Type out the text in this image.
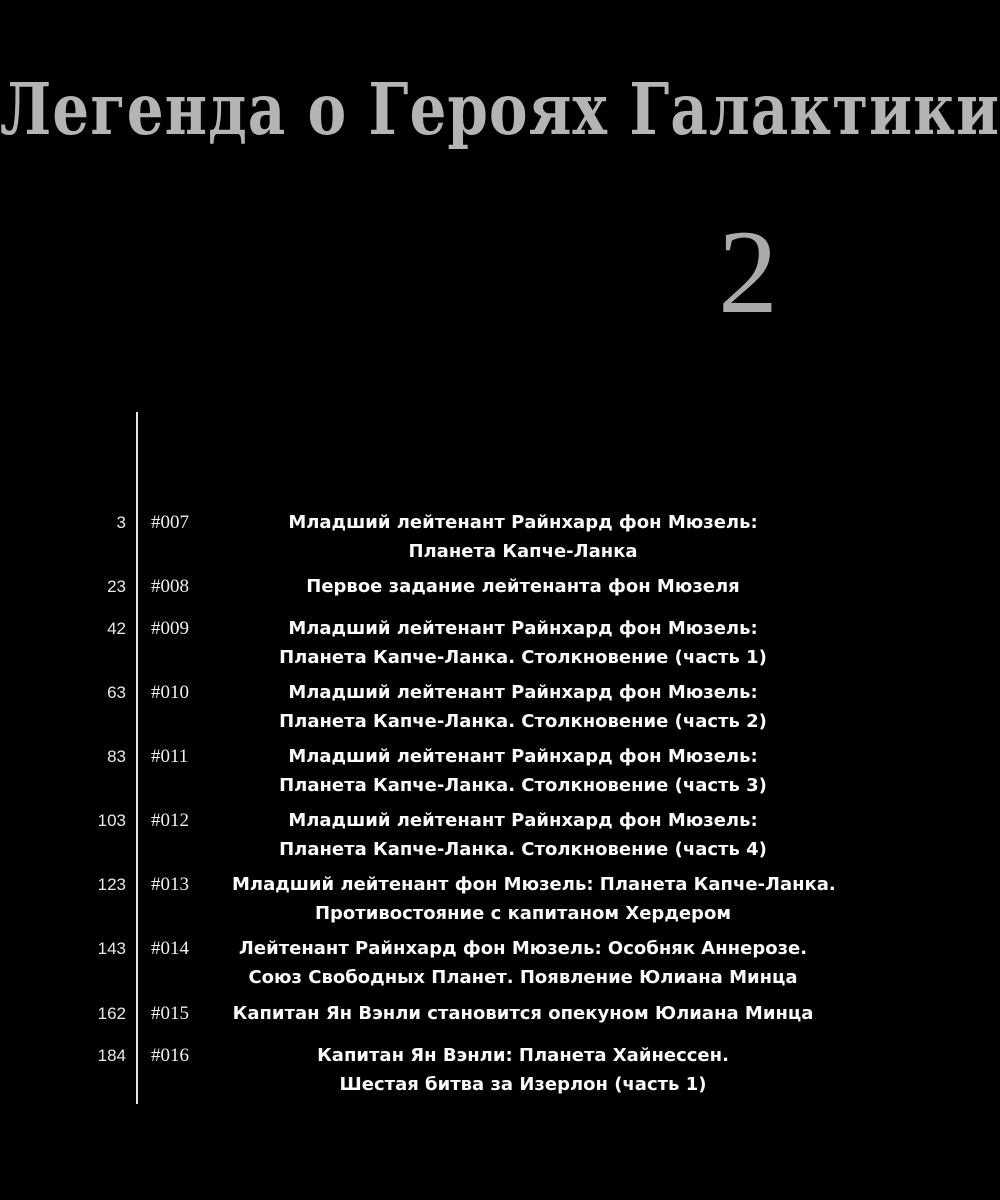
Легенда о Героях Галактики
2
3 #007	Младший лейтенант Райнхард фон Мюзель:
Планета Капче-Ланка
23 #008	Первое задание лейтенанта фон Мюзеля
42 #009	Младший лейтенант Райнхард фон Мюзель:
Планета Капче-Ланка. Столкновение (часть 1)
63 #010	Младший лейтенант Райнхард фон Мюзель:
Планета Капче-Ланка. Столкновение (часть 2)
83 #011	Младший лейтенант Райнхард фон Мюзель:
Планета Капче-Ланка. Столкновение (часть 3)
103 #012	Младший лейтенант Райнхард фон Мюзель:
Планета Капче-Ланка. Столкновение (часть 4)
123 #013	Младший лейтенант фон Мюзель: Планета Капче-Ланка.
Противостояние с капитаном Хердером
143 #014	Лейтенант Райнхард фон Мюзель: Особняк Аннерозе.
Союз Свободных Планет. Появление Юлиана Минца
162 #015	Капитан Ян Вэнли становится опекуном Юлиана Минца
184 #016	Капитан Ян Вэнли: Планета Хайнессен.
Шестая битва за Изерлон (часть 1)
